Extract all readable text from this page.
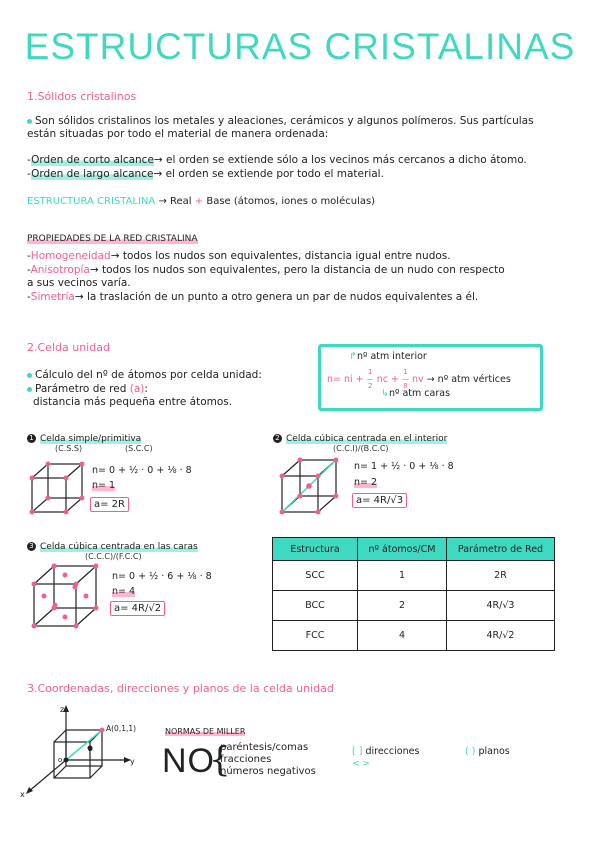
ESTRUCTURAS CRISTALINAS
1.Sólidos cristalinos
Son sólidos cristalinos los metales y aleaciones, cerámicos y algunos polímeros. Sus partículas
están situadas por todo el material de manera ordenada:
-Orden de corto alcance→ el orden se extiende sólo a los vecinos más cercanos a dicho átomo.
-Orden de largo alcance→ el orden se extiende por todo el material.
ESTRUCTURA CRISTALINA → Real + Base (átomos, iones o moléculas)
PROPIEDADES DE LA RED CRISTALINA
-Homogeneidad→ todos los nudos son equivalentes, distancia igual entre nudos.
-Anisotropía→ todos los nudos son equivalentes, pero la distancia de un nudo con respecto
a sus vecinos varía.
-Simetría→ la traslación de un punto a otro genera un par de nudos equivalentes a él.
2.Celda unidad
Cálculo del nº de átomos por celda unidad:
Parámetro de red (a):
distancia más pequeña entre átomos.
↱nº atm interior
n= ni + 1
—
2 nc + 1
—
8 nv → nº atm vértices
↳nº atm caras
1 Celda simple/primitiva
(C.S.S)	(S.C.C)
n= 0 + ½ · 0 + ⅛ · 8
n= 1
a= 2R
2 Celda cúbica centrada en el interior
(C.C.I)/(B.C.C)
n= 1 + ½ · 0 + ⅛ · 8
n= 2
a= 4R/√3
3 Celda cúbica centrada en las caras
(C.C.C)/(F.C.C)
n= 0 + ½ · 6 + ⅛ · 8
n= 4
a= 4R/√2
Estructura	nº átomos/CM	Parámetro de Red
SCC	1	2R
BCC	2	4R/√3
FCC	4	4R/√2
3.Coordenadas, direcciones y planos de la celda unidad
z
y
x
A(0,1,1)
o
B
NORMAS DE MILLER
NO
{
paréntesis/comas
fracciones
números negativos
[ ] direcciones
< >
( ) planos
